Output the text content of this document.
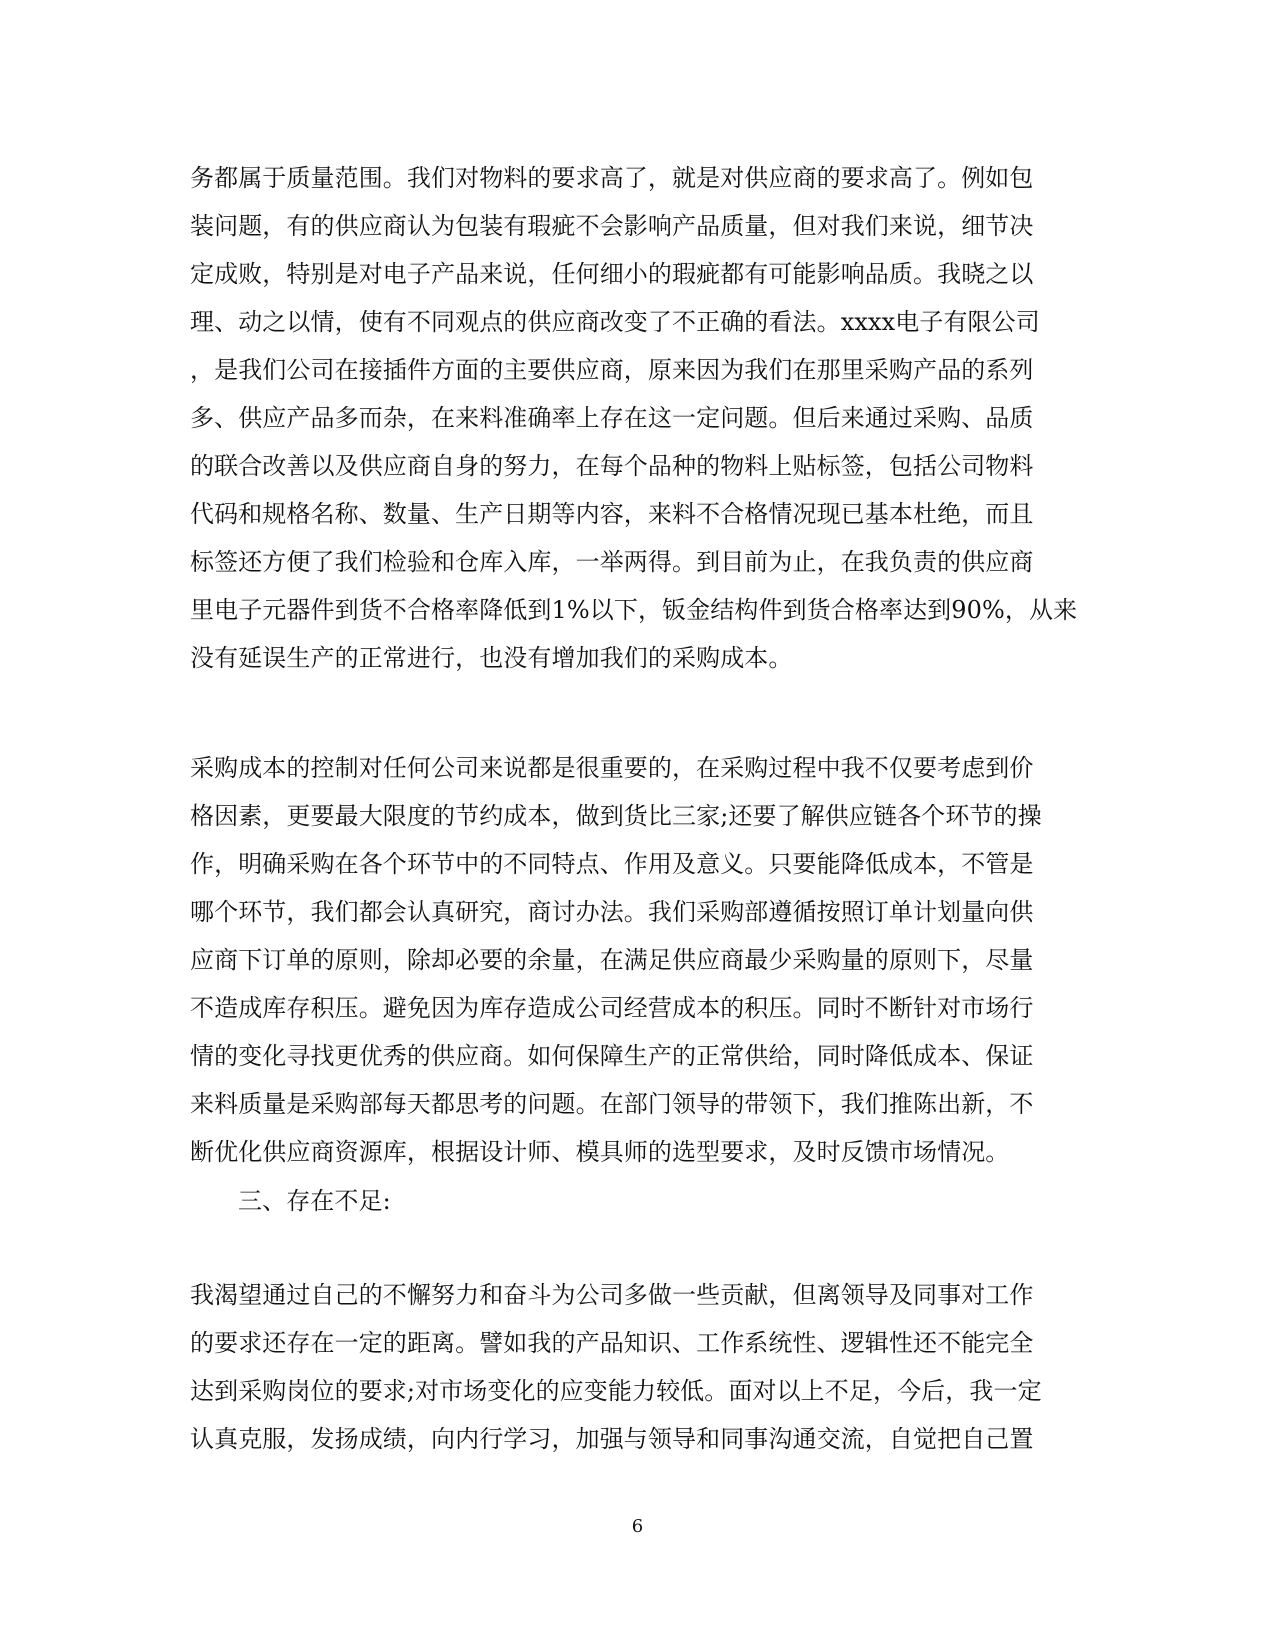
务都属于质量范围。我们对物料的要求高了，就是对供应商的要求高了。例如包
装问题，有的供应商认为包装有瑕疵不会影响产品质量，但对我们来说，细节决
定成败，特别是对电子产品来说，任何细小的瑕疵都有可能影响品质。我晓之以
理、动之以情，使有不同观点的供应商改变了不正确的看法。xxxx电子有限公司
，是我们公司在接插件方面的主要供应商，原来因为我们在那里采购产品的系列
多、供应产品多而杂，在来料准确率上存在这一定问题。但后来通过采购、品质
的联合改善以及供应商自身的努力，在每个品种的物料上贴标签，包括公司物料
代码和规格名称、数量、生产日期等内容，来料不合格情况现已基本杜绝，而且
标签还方便了我们检验和仓库入库，一举两得。到目前为止，在我负责的供应商
里电子元器件到货不合格率降低到1%以下，钣金结构件到货合格率达到90%，从来
没有延误生产的正常进行，也没有增加我们的采购成本。
采购成本的控制对任何公司来说都是很重要的，在采购过程中我不仅要考虑到价
格因素，更要最大限度的节约成本，做到货比三家;还要了解供应链各个环节的操
作，明确采购在各个环节中的不同特点、作用及意义。只要能降低成本，不管是
哪个环节，我们都会认真研究，商讨办法。我们采购部遵循按照订单计划量向供
应商下订单的原则，除却必要的余量，在满足供应商最少采购量的原则下，尽量
不造成库存积压。避免因为库存造成公司经营成本的积压。同时不断针对市场行
情的变化寻找更优秀的供应商。如何保障生产的正常供给，同时降低成本、保证
来料质量是采购部每天都思考的问题。在部门领导的带领下，我们推陈出新，不
断优化供应商资源库，根据设计师、模具师的选型要求，及时反馈市场情况。
三、存在不足:
我渴望通过自己的不懈努力和奋斗为公司多做一些贡献，但离领导及同事对工作
的要求还存在一定的距离。譬如我的产品知识、工作系统性、逻辑性还不能完全
达到采购岗位的要求;对市场变化的应变能力较低。面对以上不足，今后，我一定
认真克服，发扬成绩，向内行学习，加强与领导和同事沟通交流，自觉把自己置
6
